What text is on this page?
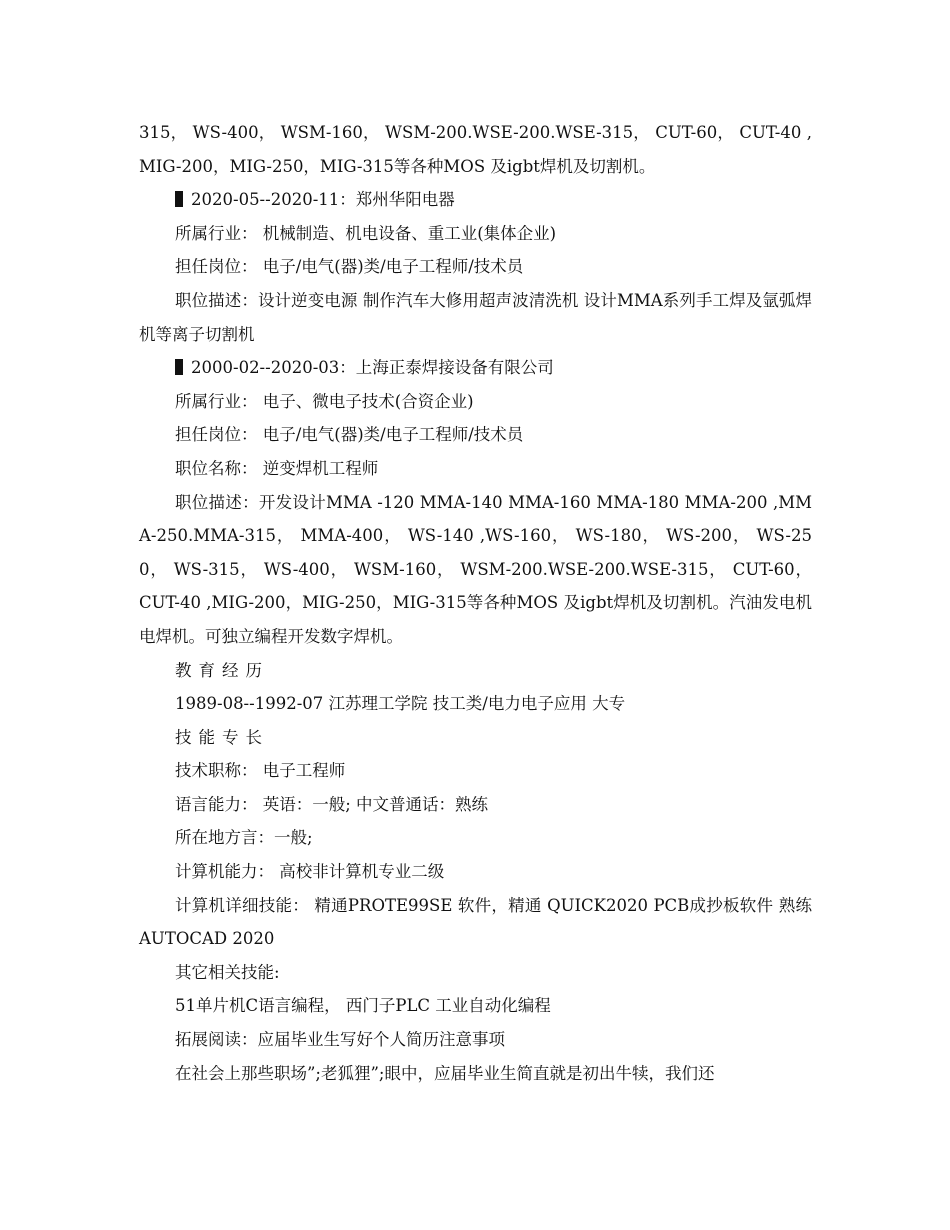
315， WS-400， WSM-160， WSM-200.WSE-200.WSE-315， CUT-60， CUT-40 ,MIG-200，MIG-250，MIG-315等各种MOS 及igbt焊机及切割机。

2020-05--2020-11：郑州华阳电器

所属行业： 机械制造、机电设备、重工业(集体企业)

担任岗位： 电子/电气(器)类/电子工程师/技术员

职位描述：设计逆变电源 制作汽车大修用超声波清洗机 设计MMA系列手工焊及氩弧焊机等离子切割机

2000-02--2020-03：上海正泰焊接设备有限公司

所属行业： 电子、微电子技术(合资企业)

担任岗位： 电子/电气(器)类/电子工程师/技术员

职位名称： 逆变焊机工程师

职位描述：开发设计MMA -120 MMA-140 MMA-160 MMA-180 MMA-200 ,MMA-250.MMA-315， MMA-400， WS-140 ,WS-160， WS-180， WS-200， WS-250， WS-315， WS-400， WSM-160， WSM-200.WSE-200.WSE-315， CUT-60， CUT-40 ,MIG-200，MIG-250，MIG-315等各种MOS 及igbt焊机及切割机。汽油发电机电焊机。可独立编程开发数字焊机。

教育经历

1989-08--1992-07 江苏理工学院 技工类/电力电子应用 大专

技能专长

技术职称： 电子工程师

语言能力： 英语：一般; 中文普通话：熟练

所在地方言：一般;

计算机能力： 高校非计算机专业二级

计算机详细技能： 精通PROTE99SE 软件，精通 QUICK2020 PCB成抄板软件 熟练AUTOCAD 2020

其它相关技能:

51单片机C语言编程， 西门子PLC 工业自动化编程

拓展阅读：应届毕业生写好个人简历注意事项

在社会上那些职场”;老狐狸”;眼中，应届毕业生简直就是初出牛犊，我们还
